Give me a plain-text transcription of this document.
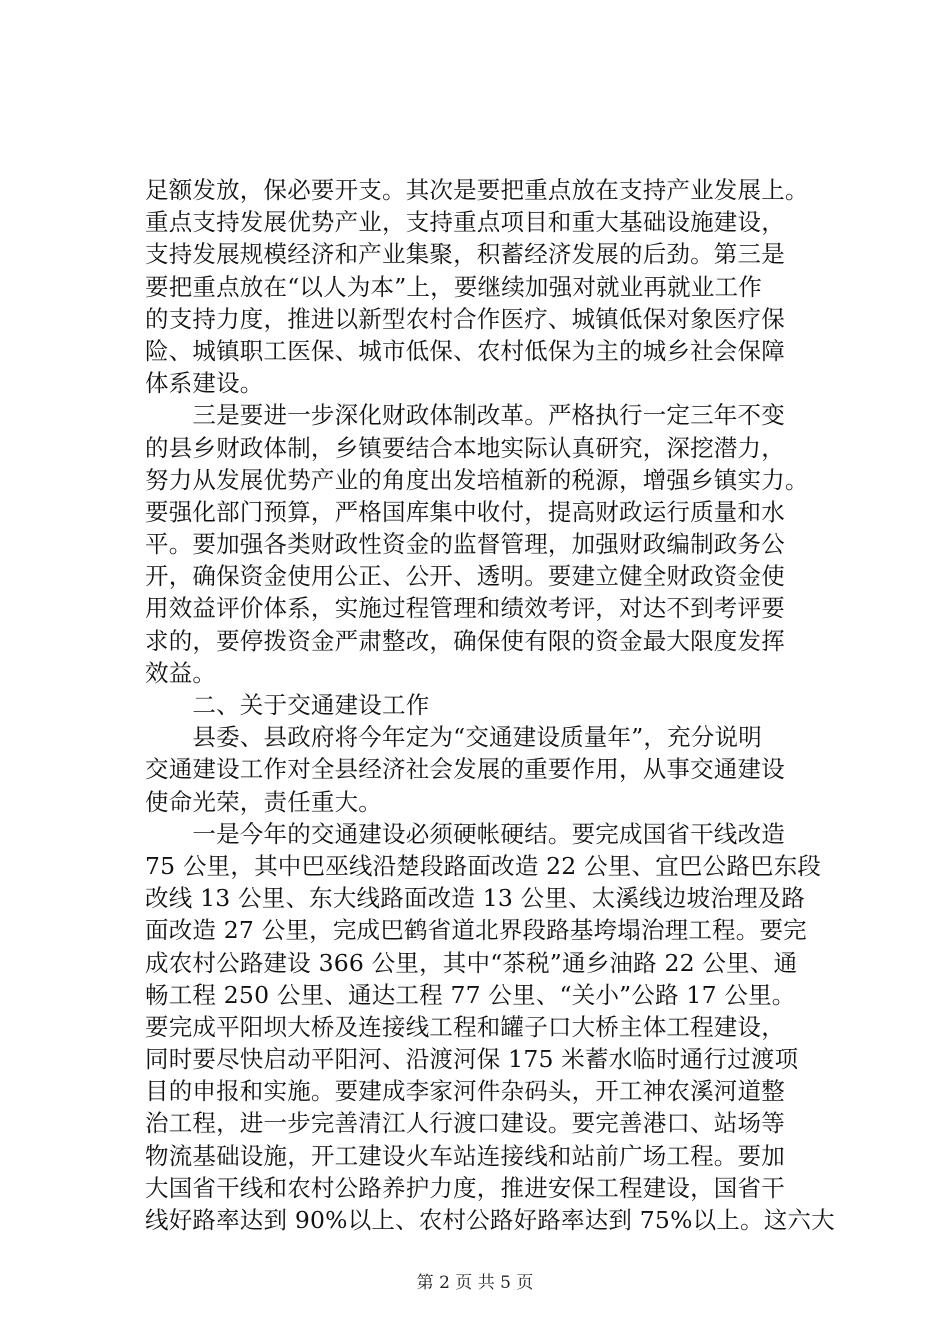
足额发放，保必要开支。其次是要把重点放在支持产业发展上。
重点支持发展优势产业，支持重点项目和重大基础设施建设，
支持发展规模经济和产业集聚，积蓄经济发展的后劲。第三是
要把重点放在“以人为本”上，要继续加强对就业再就业工作
的支持力度，推进以新型农村合作医疗、城镇低保对象医疗保
险、城镇职工医保、城市低保、农村低保为主的城乡社会保障
体系建设。
　　三是要进一步深化财政体制改革。严格执行一定三年不变
的县乡财政体制，乡镇要结合本地实际认真研究，深挖潜力，
努力从发展优势产业的角度出发培植新的税源，增强乡镇实力。
要强化部门预算，严格国库集中收付，提高财政运行质量和水
平。要加强各类财政性资金的监督管理，加强财政编制政务公
开，确保资金使用公正、公开、透明。要建立健全财政资金使
用效益评价体系，实施过程管理和绩效考评，对达不到考评要
求的，要停拨资金严肃整改，确保使有限的资金最大限度发挥
效益。
　　二、关于交通建设工作
　　县委、县政府将今年定为“交通建设质量年”，充分说明
交通建设工作对全县经济社会发展的重要作用，从事交通建设
使命光荣，责任重大。
　　一是今年的交通建设必须硬帐硬结。要完成国省干线改造
75 公里，其中巴巫线沿楚段路面改造 22 公里、宜巴公路巴东段
改线 13 公里、东大线路面改造 13 公里、太溪线边坡治理及路
面改造 27 公里，完成巴鹤省道北界段路基垮塌治理工程。要完
成农村公路建设 366 公里，其中“茶税”通乡油路 22 公里、通
畅工程 250 公里、通达工程 77 公里、“关小”公路 17 公里。
要完成平阳坝大桥及连接线工程和罐子口大桥主体工程建设，
同时要尽快启动平阳河、沿渡河保 175 米蓄水临时通行过渡项
目的申报和实施。要建成李家河件杂码头，开工神农溪河道整
治工程，进一步完善清江人行渡口建设。要完善港口、站场等
物流基础设施，开工建设火车站连接线和站前广场工程。要加
大国省干线和农村公路养护力度，推进安保工程建设，国省干
线好路率达到 90%以上、农村公路好路率达到 75%以上。这六大
第 2 页 共 5 页
